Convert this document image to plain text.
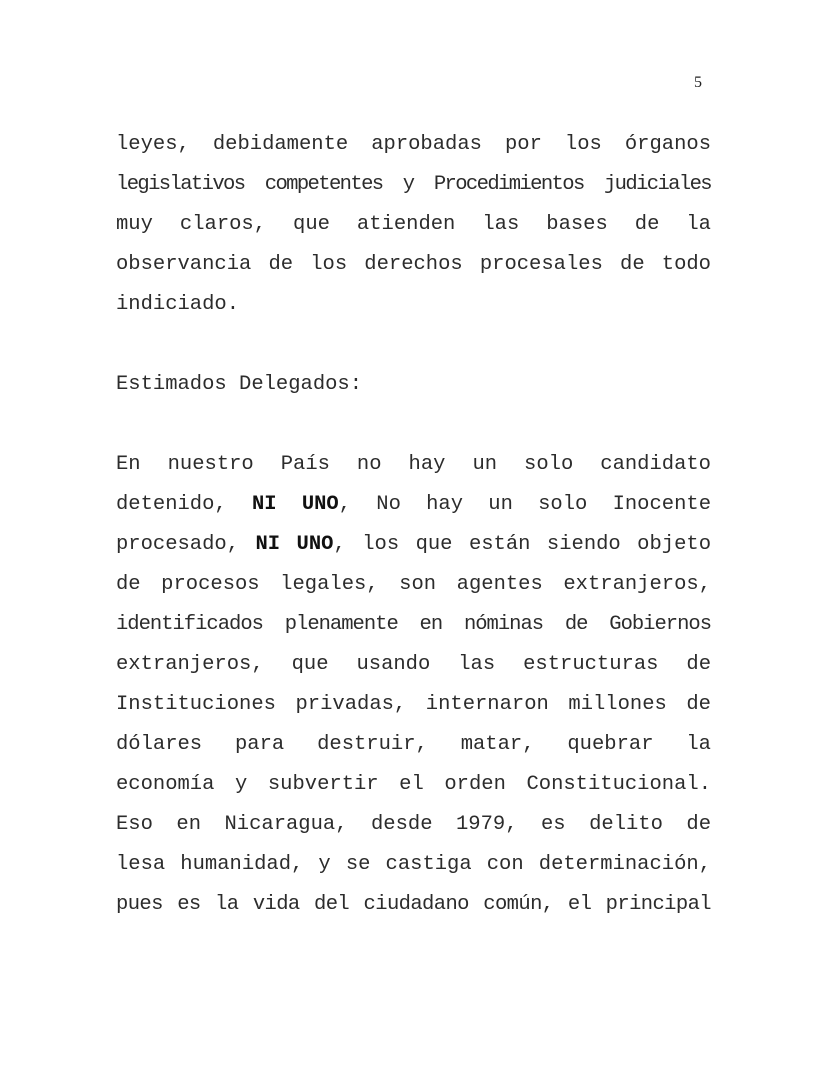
5

leyes, debidamente aprobadas por los órganos
legislativos competentes y Procedimientos judiciales
muy claros, que atienden las bases de la
observancia de los derechos procesales de todo
indiciado.

Estimados Delegados:

En nuestro País no hay un solo candidato
detenido, NI UNO, No hay un solo Inocente
procesado, NI UNO, los que están siendo objeto
de procesos legales, son agentes extranjeros,
identificados plenamente en nóminas de Gobiernos
extranjeros, que usando las estructuras de
Instituciones privadas, internaron millones de
dólares para destruir, matar, quebrar la
economía y subvertir el orden Constitucional.
Eso en Nicaragua, desde 1979, es delito de
lesa humanidad, y se castiga con determinación,
pues es la vida del ciudadano común, el principal
